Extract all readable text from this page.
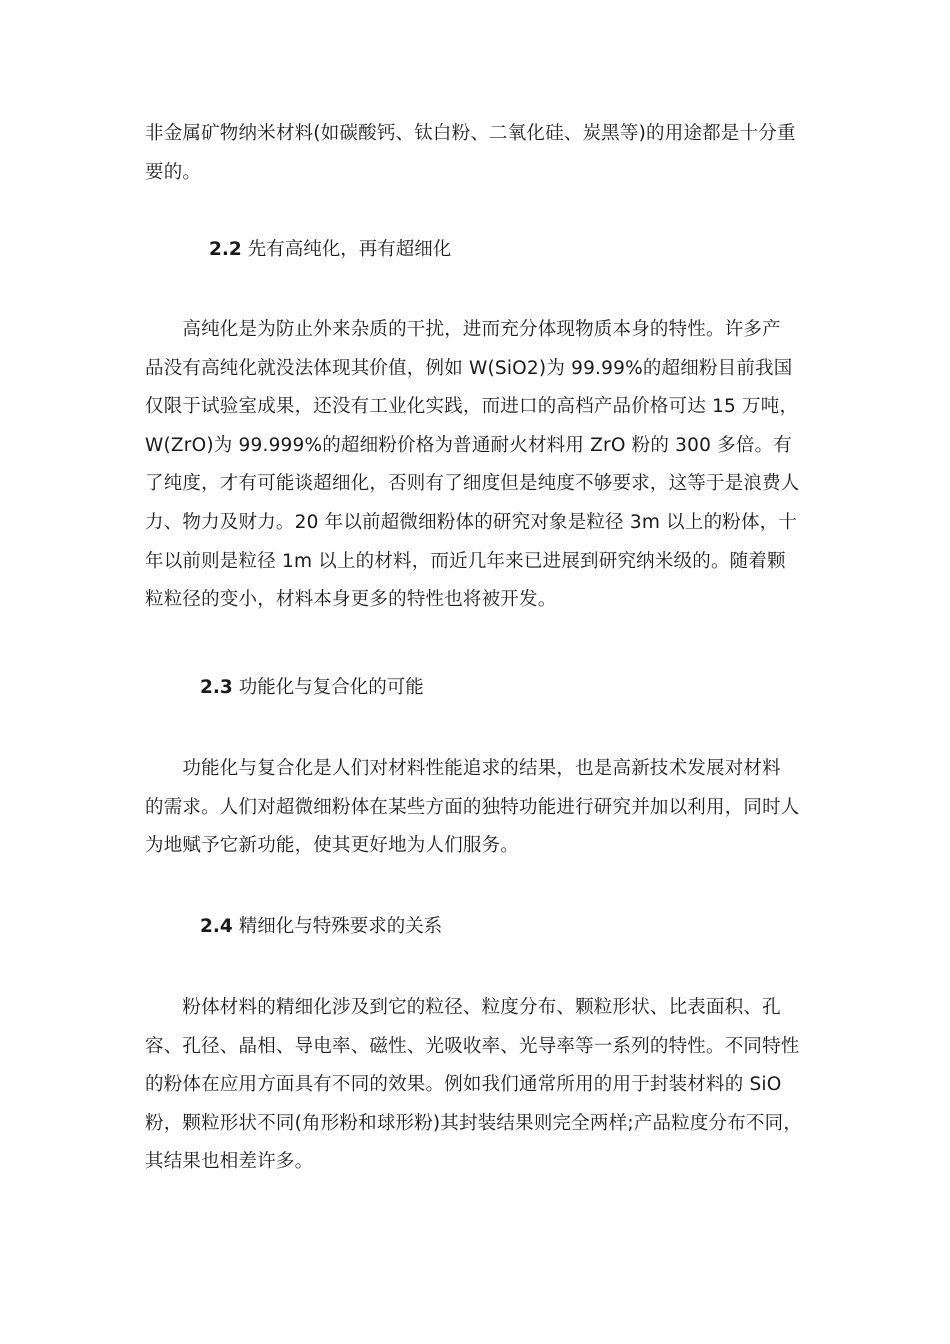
非金属矿物纳米材料(如碳酸钙、钛白粉、二氧化硅、炭黑等)的用途都是十分重
要的。
2.2 先有高纯化，再有超细化
　　高纯化是为防止外来杂质的干扰，进而充分体现物质本身的特性。许多产
品没有高纯化就没法体现其价值，例如 W(SiO2)为 99.99%的超细粉目前我国
仅限于试验室成果，还没有工业化实践，而进口的高档产品价格可达 15 万吨，
W(ZrO)为 99.999%的超细粉价格为普通耐火材料用 ZrO 粉的 300 多倍。有
了纯度，才有可能谈超细化，否则有了细度但是纯度不够要求，这等于是浪费人
力、物力及财力。20 年以前超微细粉体的研究对象是粒径 3m 以上的粉体，十
年以前则是粒径 1m 以上的材料，而近几年来已进展到研究纳米级的。随着颗
粒粒径的变小，材料本身更多的特性也将被开发。
2.3 功能化与复合化的可能
　　功能化与复合化是人们对材料性能追求的结果，也是高新技术发展对材料
的需求。人们对超微细粉体在某些方面的独特功能进行研究并加以利用，同时人
为地赋予它新功能，使其更好地为人们服务。
2.4 精细化与特殊要求的关系
　　粉体材料的精细化涉及到它的粒径、粒度分布、颗粒形状、比表面积、孔
容、孔径、晶相、导电率、磁性、光吸收率、光导率等一系列的特性。不同特性
的粉体在应用方面具有不同的效果。例如我们通常所用的用于封装材料的 SiO
粉，颗粒形状不同(角形粉和球形粉)其封装结果则完全两样;产品粒度分布不同，
其结果也相差许多。
